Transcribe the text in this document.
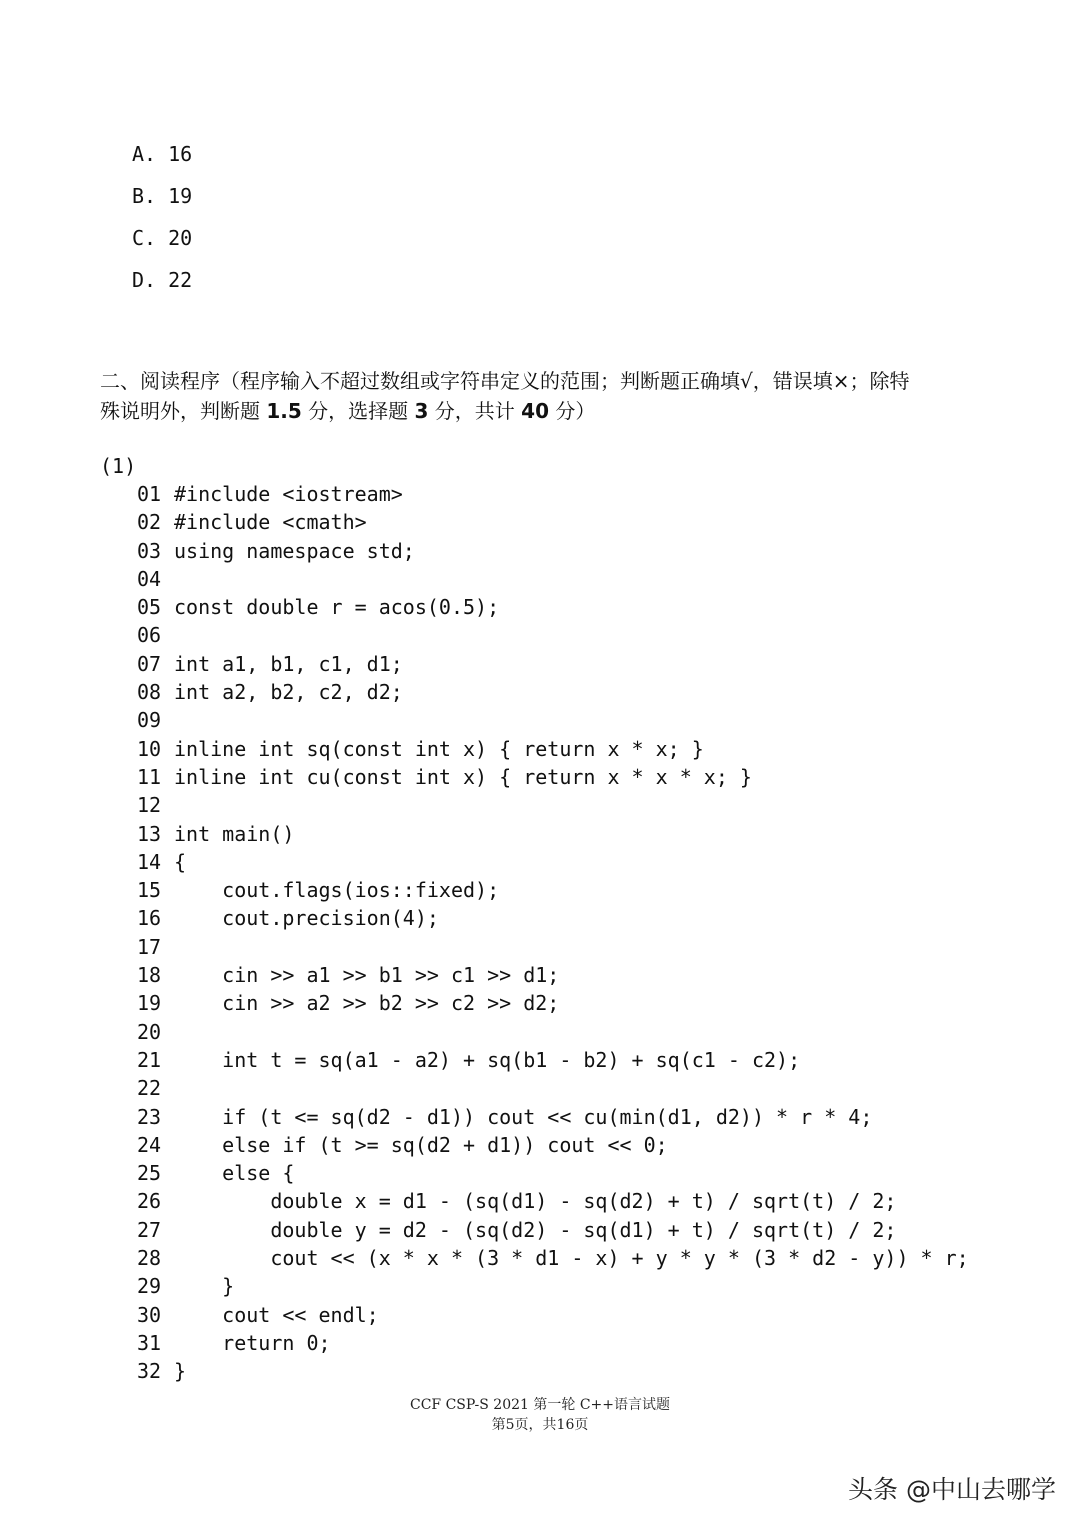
A. 16
B. 19
C. 20
D. 22
二、阅读程序（程序输入不超过数组或字符串定义的范围；判断题正确填√，错误填×；除特
殊说明外，判断题 1.5 分，选择题 3 分，共计 40 分）
(1)
01 #include <iostream>
02 #include <cmath>
03 using namespace std;
04
05 const double r = acos(0.5);
06
07 int a1, b1, c1, d1;
08 int a2, b2, c2, d2;
09
10 inline int sq(const int x) { return x * x; }
11 inline int cu(const int x) { return x * x * x; }
12
13 int main()
14 {
15    cout.flags(ios::fixed);
16    cout.precision(4);
17
18    cin >> a1 >> b1 >> c1 >> d1;
19    cin >> a2 >> b2 >> c2 >> d2;
20
21    int t = sq(a1 - a2) + sq(b1 - b2) + sq(c1 - c2);
22
23    if (t <= sq(d2 - d1)) cout << cu(min(d1, d2)) * r * 4;
24    else if (t >= sq(d2 + d1)) cout << 0;
25    else {
26        double x = d1 - (sq(d1) - sq(d2) + t) / sqrt(t) / 2;
27        double y = d2 - (sq(d2) - sq(d1) + t) / sqrt(t) / 2;
28        cout << (x * x * (3 * d1 - x) + y * y * (3 * d2 - y)) * r;
29    }
30    cout << endl;
31    return 0;
32 }
CCF CSP-S 2021 第一轮 C++语言试题
第5页，共16页
头条 @中山去哪学
